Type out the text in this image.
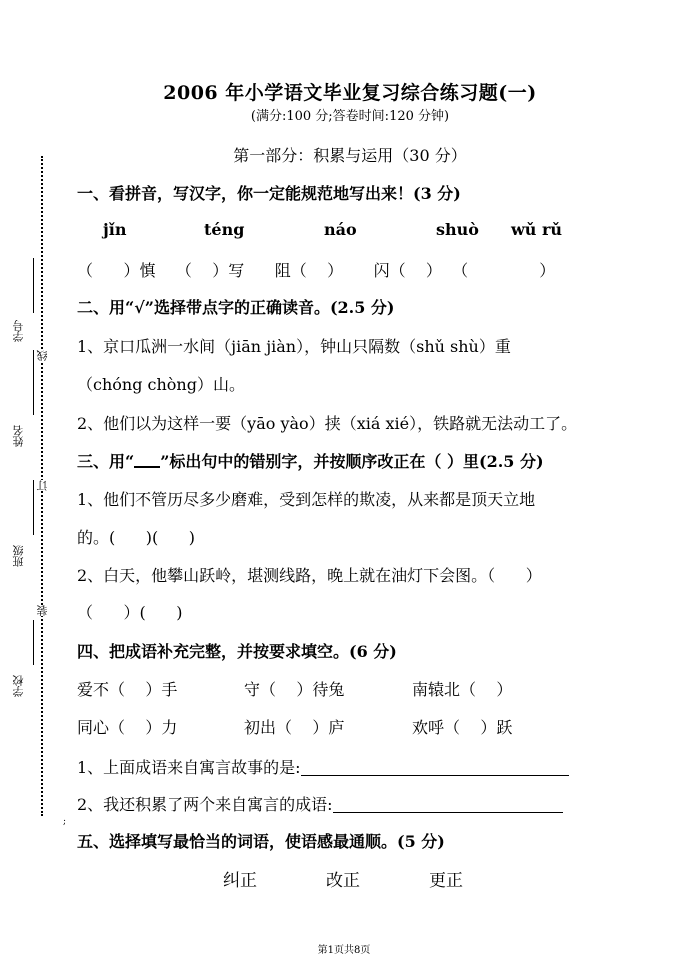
学校
班级
姓名
学号
装
订
线
2006 年小学语文毕业复习综合练习题(一)
(满分:100 分;答卷时间:120 分钟)
第一部分：积累与运用（30 分）
一、看拼音，写汉字，你一定能规范地写出来！(3 分)
jǐn	téng	náo	shuò wǔ rǔ
（      ）慎    （    ）写      阻（    ）      闪（    ）  （              ）
二、用“√”选择带点字的正确读音。(2.5 分)
1、京口瓜洲一水间（jiān jiàn），钟山只隔数（shǔ shù）重
（chóng chòng）山。
2、他们以为这样一要（yāo yào）挟（xiá xié），铁路就无法动工了。
三、用“ ”标出句中的错别字，并按顺序改正在（ ）里(2.5 分)
1、他们不管历尽多少磨难，受到怎样的欺凌，从来都是顶天立地
的。(      )(      )
2、白天，他攀山跃岭，堪测线路，晚上就在油灯下会图。（      ）
（      ）(      )
四、把成语补充完整，并按要求填空。(6 分)
爱不（    ）手	守（    ）待兔	南辕北（    ）
同心（    ）力	初出（    ）庐	欢呼（    ）跃
1、上面成语来自寓言故事的是:
2、我还积累了两个来自寓言的成语:
五、选择填写最恰当的词语，使语感最通顺。(5 分)
纠正	改正	更正
;
第1页共8页
